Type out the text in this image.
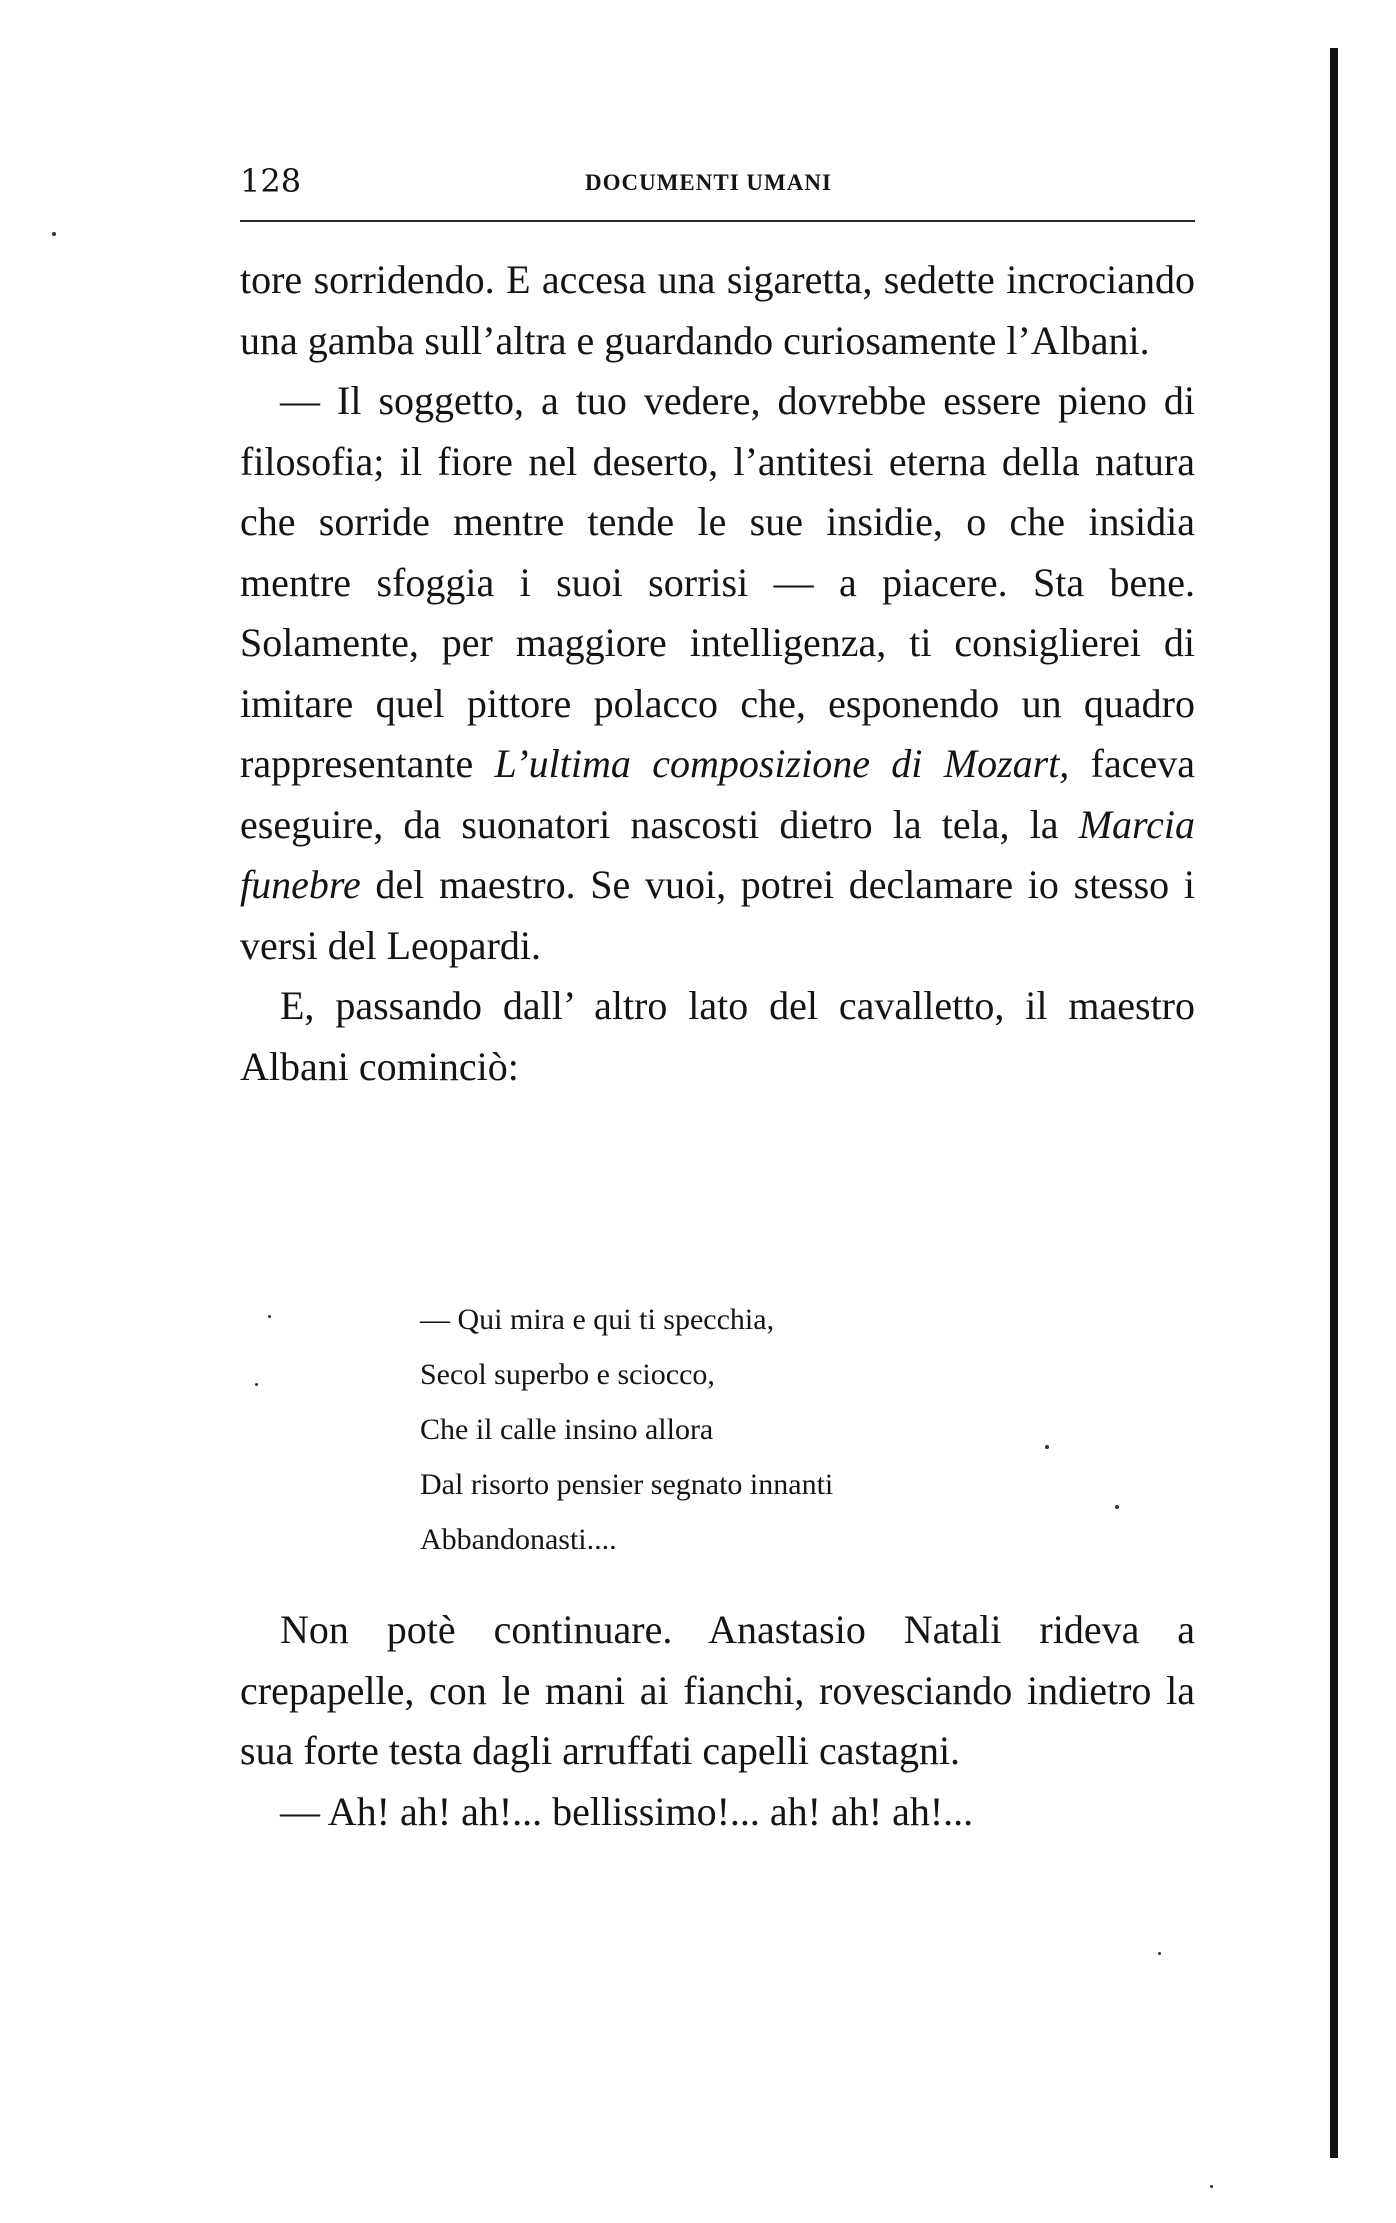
128	DOCUMENTI UMANI

tore sorridendo. E accesa una sigaretta, sedette incrociando una gamba sull’altra e guardando curiosamente l’Albani.

— Il soggetto, a tuo vedere, dovrebbe essere pieno di filosofia; il fiore nel deserto, l’antitesi eterna della natura che sorride mentre tende le sue insidie, o che insidia mentre sfoggia i suoi sorrisi — a piacere. Sta bene. Solamente, per maggiore intelligenza, ti consiglierei di imitare quel pittore polacco che, esponendo un quadro rappresentante L’ultima composizione di Mozart, faceva eseguire, da suonatori nascosti dietro la tela, la Marcia funebre del maestro. Se vuoi, potrei declamare io stesso i versi del Leopardi.

E, passando dall’ altro lato del cavalletto, il maestro Albani cominciò:

— Qui mira e qui ti specchia,
Secol superbo e sciocco,
Che il calle insino allora
Dal risorto pensier segnato innanti
Abbandonasti....

Non potè continuare. Anastasio Natali rideva a crepapelle, con le mani ai fianchi, rovesciando indietro la sua forte testa dagli arruffati capelli castagni.

— Ah! ah! ah!... bellissimo!... ah! ah! ah!...
